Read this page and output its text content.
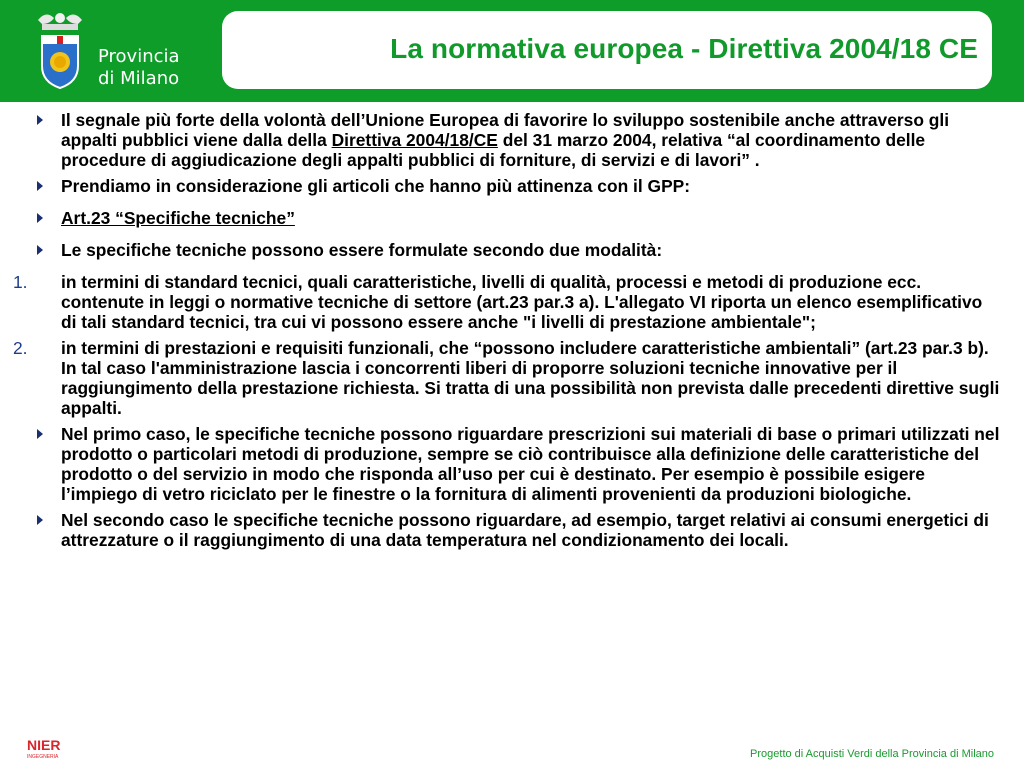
Provincia
di Milano
La normativa europea - Direttiva 2004/18 CE
Il segnale più forte della volontà dell’Unione Europea di favorire lo sviluppo sostenibile anche attraverso gli appalti pubblici viene dalla della Direttiva 2004/18/CE del 31 marzo 2004, relativa “al coordinamento delle procedure di aggiudicazione degli appalti pubblici di forniture, di servizi e di lavori” .
Prendiamo in considerazione gli articoli che hanno più attinenza con il GPP:
Art.23 “Specifiche tecniche”
Le specifiche tecniche possono essere formulate secondo due modalità:
1. in termini di standard tecnici, quali caratteristiche, livelli di qualità, processi e metodi di produzione ecc. contenute in leggi o normative tecniche di settore (art.23 par.3 a). L'allegato VI riporta un elenco esemplificativo di tali standard tecnici, tra cui vi possono essere anche "i livelli di prestazione ambientale";
2. in termini di prestazioni e requisiti funzionali, che “possono includere caratteristiche ambientali” (art.23 par.3 b). In tal caso l'amministrazione lascia i concorrenti liberi di proporre soluzioni tecniche innovative per il raggiungimento della prestazione richiesta. Si tratta di una possibilità non prevista dalle precedenti direttive sugli appalti.
Nel primo caso, le specifiche tecniche possono riguardare prescrizioni sui materiali di base o primari utilizzati nel prodotto o particolari metodi di produzione, sempre se ciò contribuisce alla definizione delle caratteristiche del prodotto o del servizio in modo che risponda all’uso per cui è destinato. Per esempio è possibile esigere l’impiego di vetro riciclato per le finestre o la fornitura di alimenti provenienti da produzioni biologiche.
Nel secondo caso le specifiche tecniche possono riguardare, ad esempio, target relativi ai consumi energetici di attrezzature o il raggiungimento di una data temperatura nel condizionamento dei locali.
NIER
INGEGNERIA	Progetto di Acquisti Verdi della Provincia di Milano
